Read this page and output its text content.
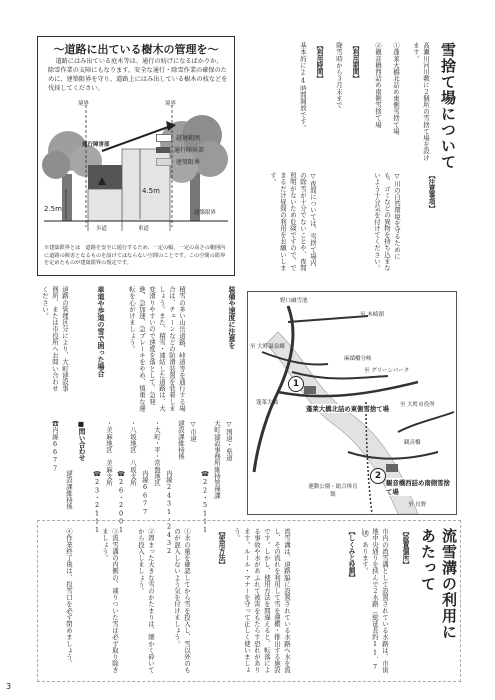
〜道路に出ている樹木の管理を〜
道路にはみ出ている庭木等は、通行の妨げになるばかりか、除雪作業の支障にもなります。安全な通行・除雪作業の確保のために、建築限界を守り、道路上にはみ出している樹木の枝などを伐採してください。
越境範囲
通行障害部
建築限界
境界	境界
通行障害部
建築限界
2.5m
4.5m
歩道	車道
※建築限界とは　道路を安全に通行するため、一定の幅、一定の高さの範囲内に道路の障害となるものを設けてはならない空間のことです。この空間の限界を定めたものが建築限界の規定です。
雪捨て場について
高瀬川河川敷に２個所の雪捨て場を設けます。
①蓬莱大橋北詰め東側雪捨て場
②観音橋西詰め南側雪捨て場
【利用期間】
降雪時から３月末まで
【利用時間】
基本的に24時間開放です。
【注意事項】
▽川の自然環境を守るためにも、ゴミなどの異物を持ち込まないよう十分気を付けてください。
▽夜間については、雪捨て場内の除雪が十分でないことや、夜間照明がないため危険ですので、できるだけ昼間の利用をお願いします。
装備や速度に注意を
積雪の多い山岳道路、峠道等を通行する場合は、チェーンなどの防滑装置を装着しましょう。また、積雪・凍結した道路は、大変滑りやすいので速度を落として、急発進、急加速、急ブレーキをやめ、慎重な運転を心がけましょう。
▽国道・県道
大町建設事務所維持管理課
☎22・5111
▽市道
建設課維持係
内線2431・2432
・大町・平・常盤地区
内線6677
・八坂地区　八坂支所
☎26・2001
・美麻地区　美麻支所
☎23・2111
車道や歩道の雪で困った場合
道路の管理区分により、大町建設事務所、または市役所へお問い合わせください。
■問い合わせ
建設課維持係
☎内線6677
野口融雪池
至 木崎湖
至 大町温泉郷
麻績橋分岐
至 グリーンパーク
蓬莱大橋	至 大町市役所
観音橋
運動公園・総合体育館
至 長野
1
蓬莱大橋北詰め東側雪捨て場
2
観音橋西詰め南側雪捨て場
流雪溝の利用にあたって
【設置個所】
市内の流雪溝として設置されている水路は、市街地中央通りを挟んで２水路（総延長約11．7㎞）あります。
【しくみと役割】
流雪溝は、道路脇に設置されている水路へ水を流し、その流れを利用して雪を運搬・排出する施設です。しかし、使用方法を間違えると、転落による事故や水があふれて被害をもたらす恐れがあります。ルール・マナーを守って正しく使いましょう。
【使用方法】
①水の量を確認してから雪を投入し、雪以外のものが混入しないよう気を付けましょう。
②固まった大きな雪のかたまりは、細かく砕いてから投入しましょう。
③流雪溝の内側の、凍りついた雪は必ず取り除きましょう。
④作業終了後は、投雪口を必ず閉めましょう。
3
